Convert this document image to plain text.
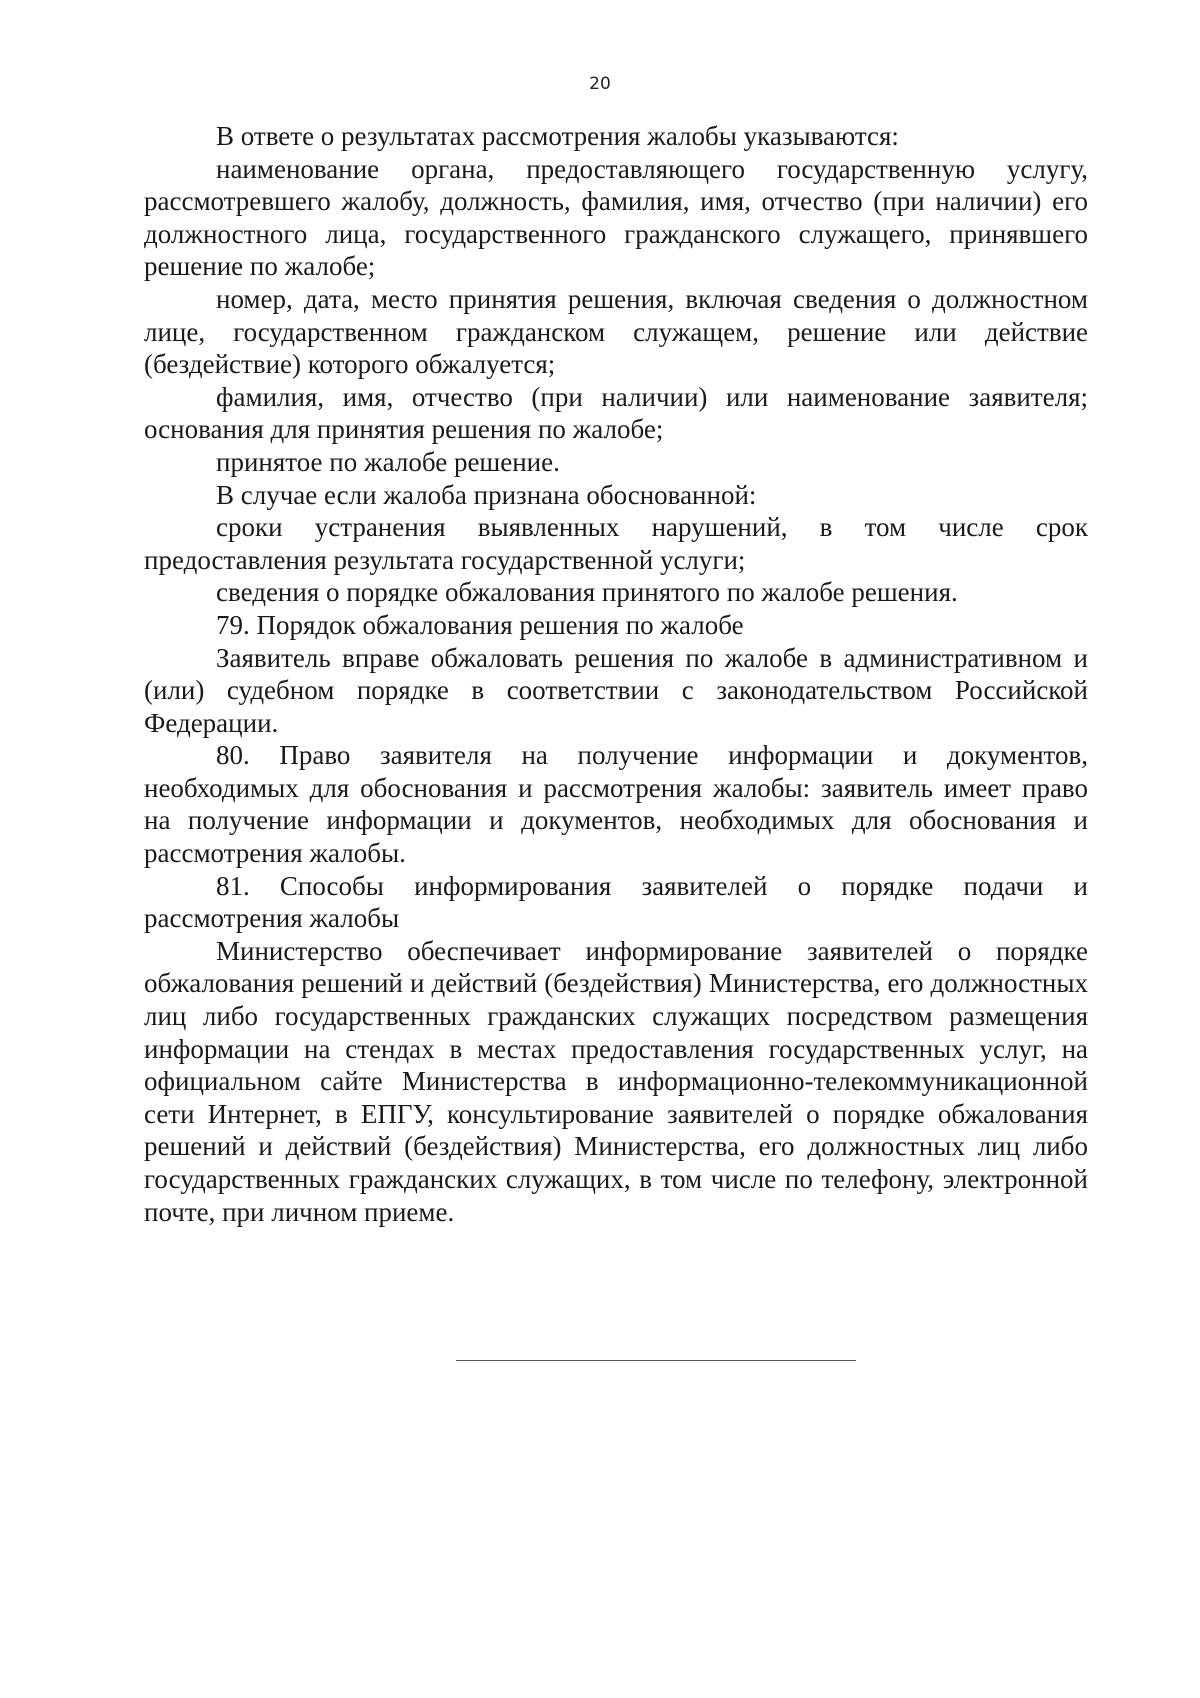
20

В ответе о результатах рассмотрения жалобы указываются:

наименование органа, предоставляющего государственную услугу, рассмотревшего жалобу, должность, фамилия, имя, отчество (при наличии) его должностного лица, государственного гражданского служащего, принявшего решение по жалобе;

номер, дата, место принятия решения, включая сведения о должностном лице, государственном гражданском служащем, решение или действие (бездействие) которого обжалуется;

фамилия, имя, отчество (при наличии) или наименование заявителя; основания для принятия решения по жалобе;

принятое по жалобе решение.

В случае если жалоба признана обоснованной:

сроки устранения выявленных нарушений, в том числе срок предоставления результата государственной услуги;

сведения о порядке обжалования принятого по жалобе решения.

79. Порядок обжалования решения по жалобе

Заявитель вправе обжаловать решения по жалобе в административном и (или) судебном порядке в соответствии с законодательством Российской Федерации.

80. Право заявителя на получение информации и документов, необходимых для обоснования и рассмотрения жалобы: заявитель имеет право на получение информации и документов, необходимых для обоснования и рассмотрения жалобы.

81. Способы информирования заявителей о порядке подачи и рассмотрения жалобы

Министерство обеспечивает информирование заявителей о порядке обжалования решений и действий (бездействия) Министерства, его должностных лиц либо государственных гражданских служащих посредством размещения информации на стендах в местах предоставления государственных услуг, на официальном сайте Министерства в информационно-телекоммуникационной сети Интернет, в ЕПГУ, консультирование заявителей о порядке обжалования решений и действий (бездействия) Министерства, его должностных лиц либо государственных гражданских служащих, в том числе по телефону, электронной почте, при личном приеме.
